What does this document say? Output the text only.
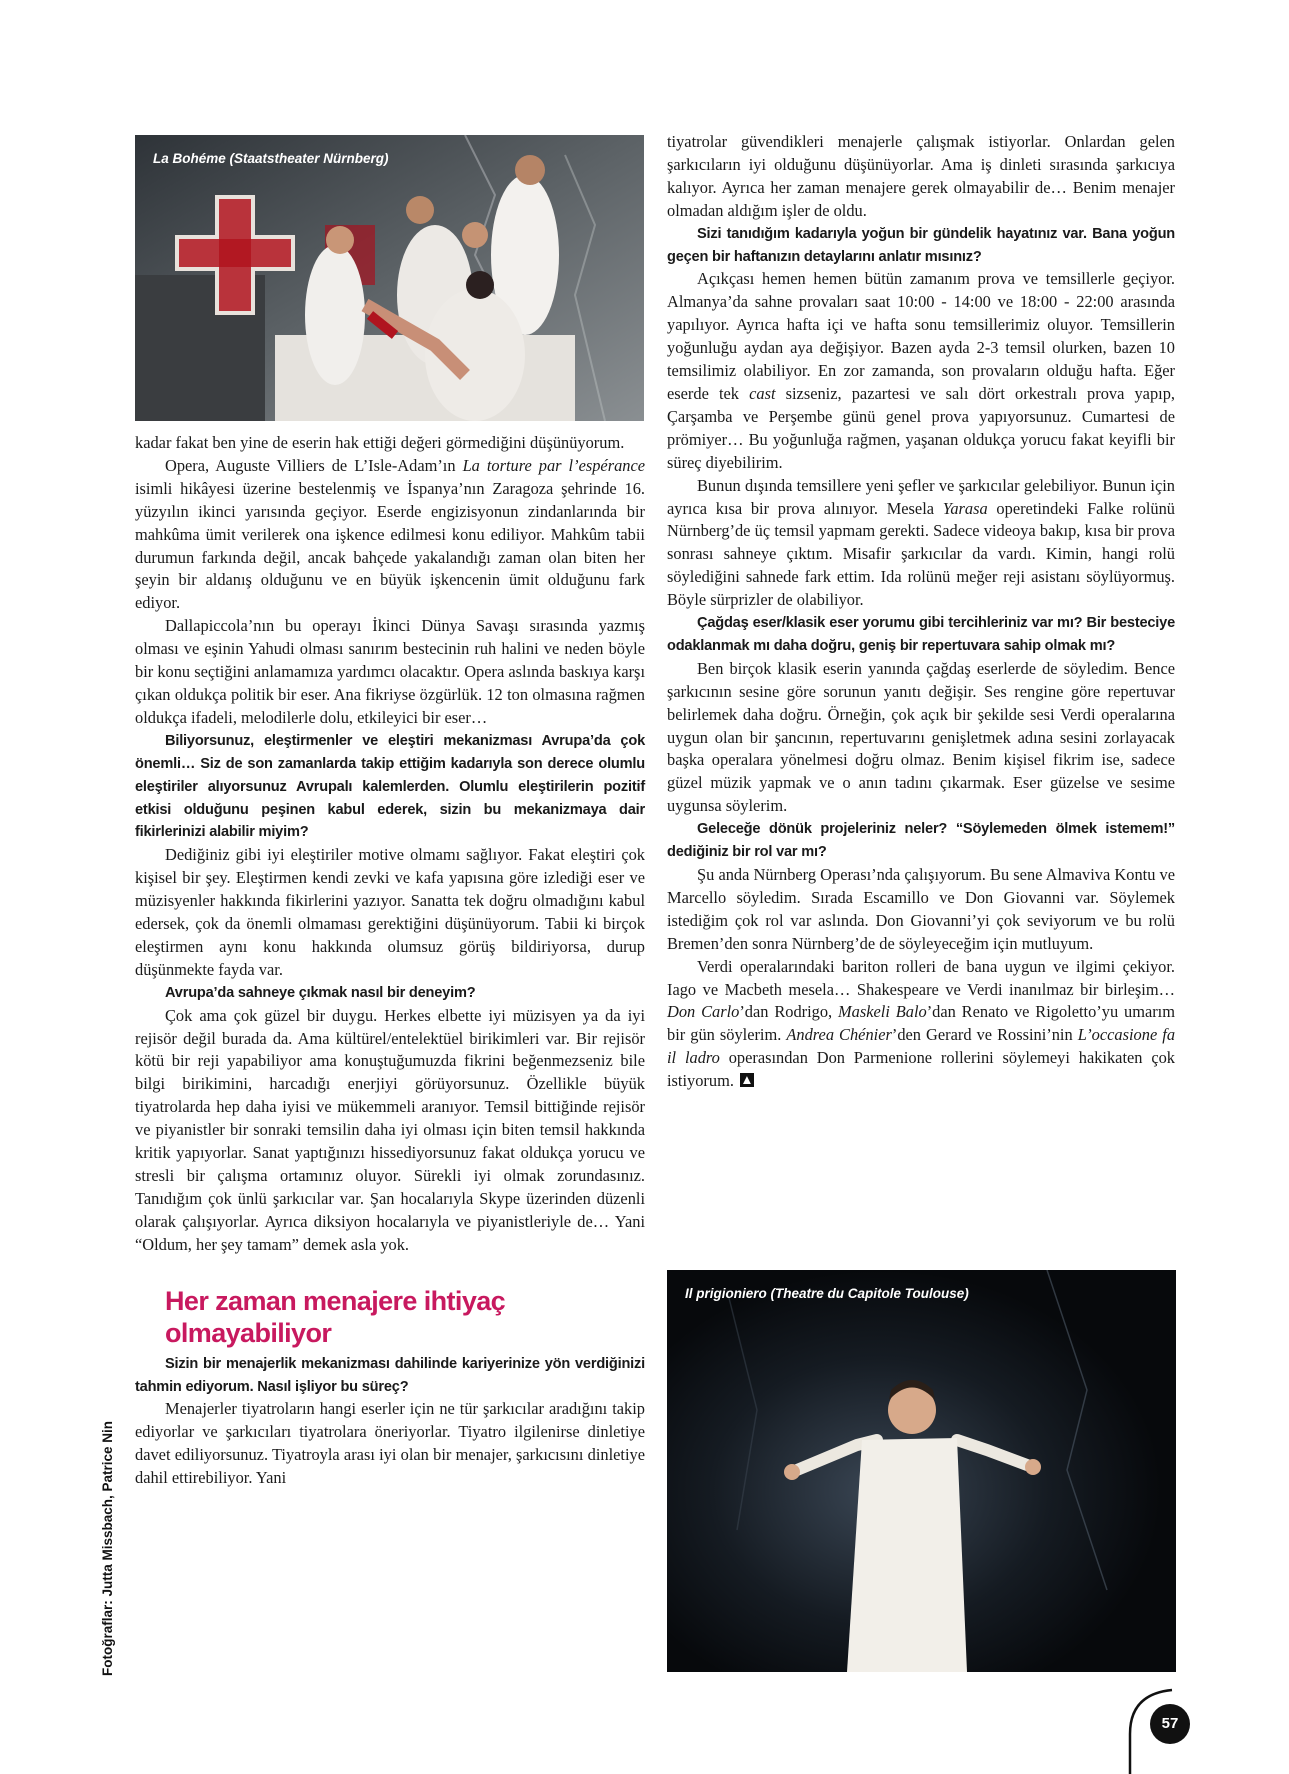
La Bohéme (Staatstheater Nürnberg)

kadar fakat ben yine de eserin hak ettiği değeri görmediğini düşünüyorum.

Opera, Auguste Villiers de L’Isle-Adam’ın La torture par l’espérance isimli hikâyesi üzerine bestelenmiş ve İspanya’nın Zaragoza şehrinde 16. yüzyılın ikinci yarısında geçiyor. Eserde engizisyonun zindanlarında bir mahkûma ümit verilerek ona işkence edilmesi konu ediliyor. Mahkûm tabii durumun farkında değil, ancak bahçede yakalandığı zaman olan biten her şeyin bir aldanış olduğunu ve en büyük işkencenin ümit olduğunu fark ediyor.

Dallapiccola’nın bu operayı İkinci Dünya Savaşı sırasında yazmış olması ve eşinin Yahudi olması sanırım bestecinin ruh halini ve neden böyle bir konu seçtiğini anlamamıza yardımcı olacaktır. Opera aslında baskıya karşı çıkan oldukça politik bir eser. Ana fikriyse özgürlük. 12 ton olmasına rağmen oldukça ifadeli, melodilerle dolu, etkileyici bir eser…

Biliyorsunuz, eleştirmenler ve eleştiri mekanizması Avrupa’da çok önemli… Siz de son zamanlarda takip ettiğim kadarıyla son derece olumlu eleştiriler alıyorsunuz Avrupalı kalemlerden. Olumlu eleştirilerin pozitif etkisi olduğunu peşinen kabul ederek, sizin bu mekanizmaya dair fikirlerinizi alabilir miyim?

Dediğiniz gibi iyi eleştiriler motive olmamı sağlıyor. Fakat eleştiri çok kişisel bir şey. Eleştirmen kendi zevki ve kafa yapısına göre izlediği eser ve müzisyenler hakkında fikirlerini yazıyor. Sanatta tek doğru olmadığını kabul edersek, çok da önemli olmaması gerektiğini düşünüyorum. Tabii ki birçok eleştirmen aynı konu hakkında olumsuz görüş bildiriyorsa, durup düşünmekte fayda var.

Avrupa’da sahneye çıkmak nasıl bir deneyim?

Çok ama çok güzel bir duygu. Herkes elbette iyi müzisyen ya da iyi rejisör değil burada da. Ama kültürel/entelektüel birikimleri var. Bir rejisör kötü bir reji yapabiliyor ama konuştuğumuzda fikrini beğenmezseniz bile bilgi birikimini, harcadığı enerjiyi görüyorsunuz. Özellikle büyük tiyatrolarda hep daha iyisi ve mükemmeli aranıyor. Temsil bittiğinde rejisör ve piyanistler bir sonraki temsilin daha iyi olması için biten temsil hakkında kritik yapıyorlar. Sanat yaptığınızı hissediyorsunuz fakat oldukça yorucu ve stresli bir çalışma ortamınız oluyor. Sürekli iyi olmak zorundasınız. Tanıdığım çok ünlü şarkıcılar var. Şan hocalarıyla Skype üzerinden düzenli olarak çalışıyorlar. Ayrıca diksiyon hocalarıyla ve piyanistleriyle de… Yani “Oldum, her şey tamam” demek asla yok.

Her zaman menajere ihtiyaç olmayabiliyor

Sizin bir menajerlik mekanizması dahilinde kariyerinize yön verdiğinizi tahmin ediyorum. Nasıl işliyor bu süreç?

Menajerler tiyatroların hangi eserler için ne tür şarkıcılar aradığını takip ediyorlar ve şarkıcıları tiyatrolara öneriyorlar. Tiyatro ilgilenirse dinletiye davet ediliyorsunuz. Tiyatroyla arası iyi olan bir menajer, şarkıcısını dinletiye dahil ettirebiliyor. Yani

tiyatrolar güvendikleri menajerle çalışmak istiyorlar. Onlardan gelen şarkıcıların iyi olduğunu düşünüyorlar. Ama iş dinleti sırasında şarkıcıya kalıyor. Ayrıca her zaman menajere gerek olmayabilir de… Benim menajer olmadan aldığım işler de oldu.

Sizi tanıdığım kadarıyla yoğun bir gündelik hayatınız var. Bana yoğun geçen bir haftanızın detaylarını anlatır mısınız?

Açıkçası hemen hemen bütün zamanım prova ve temsillerle geçiyor. Almanya’da sahne provaları saat 10:00 - 14:00 ve 18:00 - 22:00 arasında yapılıyor. Ayrıca hafta içi ve hafta sonu temsillerimiz oluyor. Temsillerin yoğunluğu aydan aya değişiyor. Bazen ayda 2-3 temsil olurken, bazen 10 temsilimiz olabiliyor. En zor zamanda, son provaların olduğu hafta. Eğer eserde tek cast sizseniz, pazartesi ve salı dört orkestralı prova yapıp, Çarşamba ve Perşembe günü genel prova yapıyorsunuz. Cumartesi de prömiyer… Bu yoğunluğa rağmen, yaşanan oldukça yorucu fakat keyifli bir süreç diyebilirim.

Bunun dışında temsillere yeni şefler ve şarkıcılar gelebiliyor. Bunun için ayrıca kısa bir prova alınıyor. Mesela Yarasa operetindeki Falke rolünü Nürnberg’de üç temsil yapmam gerekti. Sadece videoya bakıp, kısa bir prova sonrası sahneye çıktım. Misafir şarkıcılar da vardı. Kimin, hangi rolü söylediğini sahnede fark ettim. Ida rolünü meğer reji asistanı söylüyormuş. Böyle sürprizler de olabiliyor.

Çağdaş eser/klasik eser yorumu gibi tercihleriniz var mı? Bir besteciye odaklanmak mı daha doğru, geniş bir repertuvara sahip olmak mı?

Ben birçok klasik eserin yanında çağdaş eserlerde de söyledim. Bence şarkıcının sesine göre sorunun yanıtı değişir. Ses rengine göre repertuvar belirlemek daha doğru. Örneğin, çok açık bir şekilde sesi Verdi operalarına uygun olan bir şancının, repertuvarını genişletmek adına sesini zorlayacak başka operalara yönelmesi doğru olmaz. Benim kişisel fikrim ise, sadece güzel müzik yapmak ve o anın tadını çıkarmak. Eser güzelse ve sesime uygunsa söylerim.

Geleceğe dönük projeleriniz neler? “Söylemeden ölmek istemem!” dediğiniz bir rol var mı?

Şu anda Nürnberg Operası’nda çalışıyorum. Bu sene Almaviva Kontu ve Marcello söyledim. Sırada Escamillo ve Don Giovanni var. Söylemek istediğim çok rol var aslında. Don Giovanni’yi çok seviyorum ve bu rolü Bremen’den sonra Nürnberg’de de söyleyeceğim için mutluyum.

Verdi operalarındaki bariton rolleri de bana uygun ve ilgimi çekiyor. Iago ve Macbeth mesela… Shakespeare ve Verdi inanılmaz bir birleşim… Don Carlo’dan Rodrigo, Maskeli Balo’dan Renato ve Rigoletto’yu umarım bir gün söylerim. Andrea Chénier’den Gerard ve Rossini’nin L’occasione fa il ladro operasından Don Parmenione rollerini söylemeyi hakikaten çok istiyorum.

Il prigioniero (Theatre du Capitole Toulouse)
Fotoğraflar: Jutta Missbach, Patrice Nin
57
